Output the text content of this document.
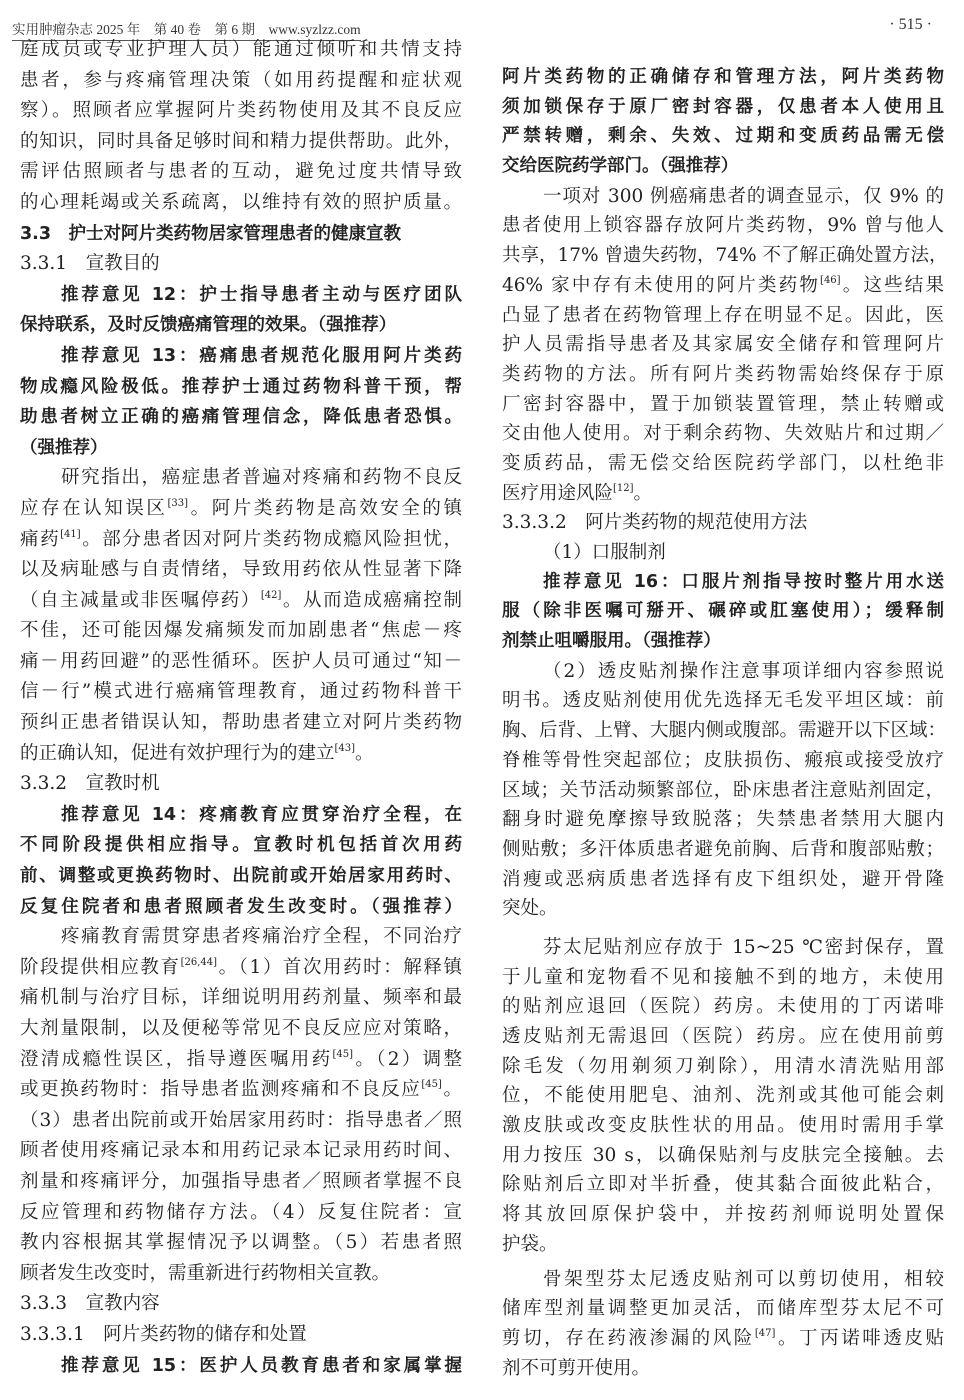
实用肿瘤杂志 2025 年　第 40 卷　第 6 期　www.syzlzz.com	· 515 ·
庭成员或专业护理人员）能通过倾听和共情支持
患者，参与疼痛管理决策（如用药提醒和症状观
察）。照顾者应掌握阿片类药物使用及其不良反应
的知识，同时具备足够时间和精力提供帮助。此外，
需评估照顾者与患者的互动，避免过度共情导致
的心理耗竭或关系疏离，以维持有效的照护质量。
3.3　护士对阿片类药物居家管理患者的健康宣教
3.3.1　宣教目的
推荐意见 12：护士指导患者主动与医疗团队
保持联系，及时反馈癌痛管理的效果。（强推荐）
推荐意见 13：癌痛患者规范化服用阿片类药
物成瘾风险极低。推荐护士通过药物科普干预，帮
助患者树立正确的癌痛管理信念，降低患者恐惧。
（强推荐）
研究指出，癌症患者普遍对疼痛和药物不良反
应存在认知误区[33]。阿片类药物是高效安全的镇
痛药[41]。部分患者因对阿片类药物成瘾风险担忧，
以及病耻感与自责情绪，导致用药依从性显著下降
（自主减量或非医嘱停药）[42]。从而造成癌痛控制
不佳，还可能因爆发痛频发而加剧患者“焦虑－疼
痛－用药回避”的恶性循环。医护人员可通过“知－
信－行”模式进行癌痛管理教育，通过药物科普干
预纠正患者错误认知，帮助患者建立对阿片类药物
的正确认知，促进有效护理行为的建立[43]。
3.3.2　宣教时机
推荐意见 14：疼痛教育应贯穿治疗全程，在
不同阶段提供相应指导。宣教时机包括首次用药
前、调整或更换药物时、出院前或开始居家用药时、
反复住院者和患者照顾者发生改变时。（强推荐）
疼痛教育需贯穿患者疼痛治疗全程，不同治疗
阶段提供相应教育[26,44]。（1）首次用药时：解释镇
痛机制与治疗目标，详细说明用药剂量、频率和最
大剂量限制，以及便秘等常见不良反应应对策略，
澄清成瘾性误区，指导遵医嘱用药[45]。（2）调整
或更换药物时：指导患者监测疼痛和不良反应[45]。
（3）患者出院前或开始居家用药时：指导患者／照
顾者使用疼痛记录本和用药记录本记录用药时间、
剂量和疼痛评分，加强指导患者／照顾者掌握不良
反应管理和药物储存方法。（4）反复住院者：宣
教内容根据其掌握情况予以调整。（5）若患者照
顾者发生改变时，需重新进行药物相关宣教。
3.3.3　宣教内容
3.3.3.1　阿片类药物的储存和处置
推荐意见 15：医护人员教育患者和家属掌握
阿片类药物的正确储存和管理方法，阿片类药物
须加锁保存于原厂密封容器，仅患者本人使用且
严禁转赠，剩余、失效、过期和变质药品需无偿
交给医院药学部门。（强推荐）
一项对 300 例癌痛患者的调查显示，仅 9% 的
患者使用上锁容器存放阿片类药物，9% 曾与他人
共享，17% 曾遗失药物，74% 不了解正确处置方法，
46% 家中存有未使用的阿片类药物[46]。这些结果
凸显了患者在药物管理上存在明显不足。因此，医
护人员需指导患者及其家属安全储存和管理阿片
类药物的方法。所有阿片类药物需始终保存于原
厂密封容器中，置于加锁装置管理，禁止转赠或
交由他人使用。对于剩余药物、失效贴片和过期／
变质药品，需无偿交给医院药学部门，以杜绝非
医疗用途风险[12]。
3.3.3.2　阿片类药物的规范使用方法
（1）口服制剂
推荐意见 16：口服片剂指导按时整片用水送
服（除非医嘱可掰开、碾碎或肛塞使用）；缓释制
剂禁止咀嚼服用。（强推荐）
（2）透皮贴剂操作注意事项详细内容参照说
明书。透皮贴剂使用优先选择无毛发平坦区域：前
胸、后背、上臂、大腿内侧或腹部。需避开以下区域：
脊椎等骨性突起部位；皮肤损伤、瘢痕或接受放疗
区域；关节活动频繁部位，卧床患者注意贴剂固定，
翻身时避免摩擦导致脱落；失禁患者禁用大腿内
侧贴敷；多汗体质患者避免前胸、后背和腹部贴敷；
消瘦或恶病质患者选择有皮下组织处，避开骨隆
突处。
芬太尼贴剂应存放于 15~25 ℃密封保存，置
于儿童和宠物看不见和接触不到的地方，未使用
的贴剂应退回（医院）药房。未使用的丁丙诺啡
透皮贴剂无需退回（医院）药房。应在使用前剪
除毛发（勿用剃须刀剃除），用清水清洗贴用部
位，不能使用肥皂、油剂、洗剂或其他可能会刺
激皮肤或改变皮肤性状的用品。使用时需用手掌
用力按压 30 s，以确保贴剂与皮肤完全接触。去
除贴剂后立即对半折叠，使其黏合面彼此粘合，
将其放回原保护袋中，并按药剂师说明处置保
护袋。
骨架型芬太尼透皮贴剂可以剪切使用，相较
储库型剂量调整更加灵活，而储库型芬太尼不可
剪切，存在药液渗漏的风险[47]。丁丙诺啡透皮贴
剂不可剪开使用。
